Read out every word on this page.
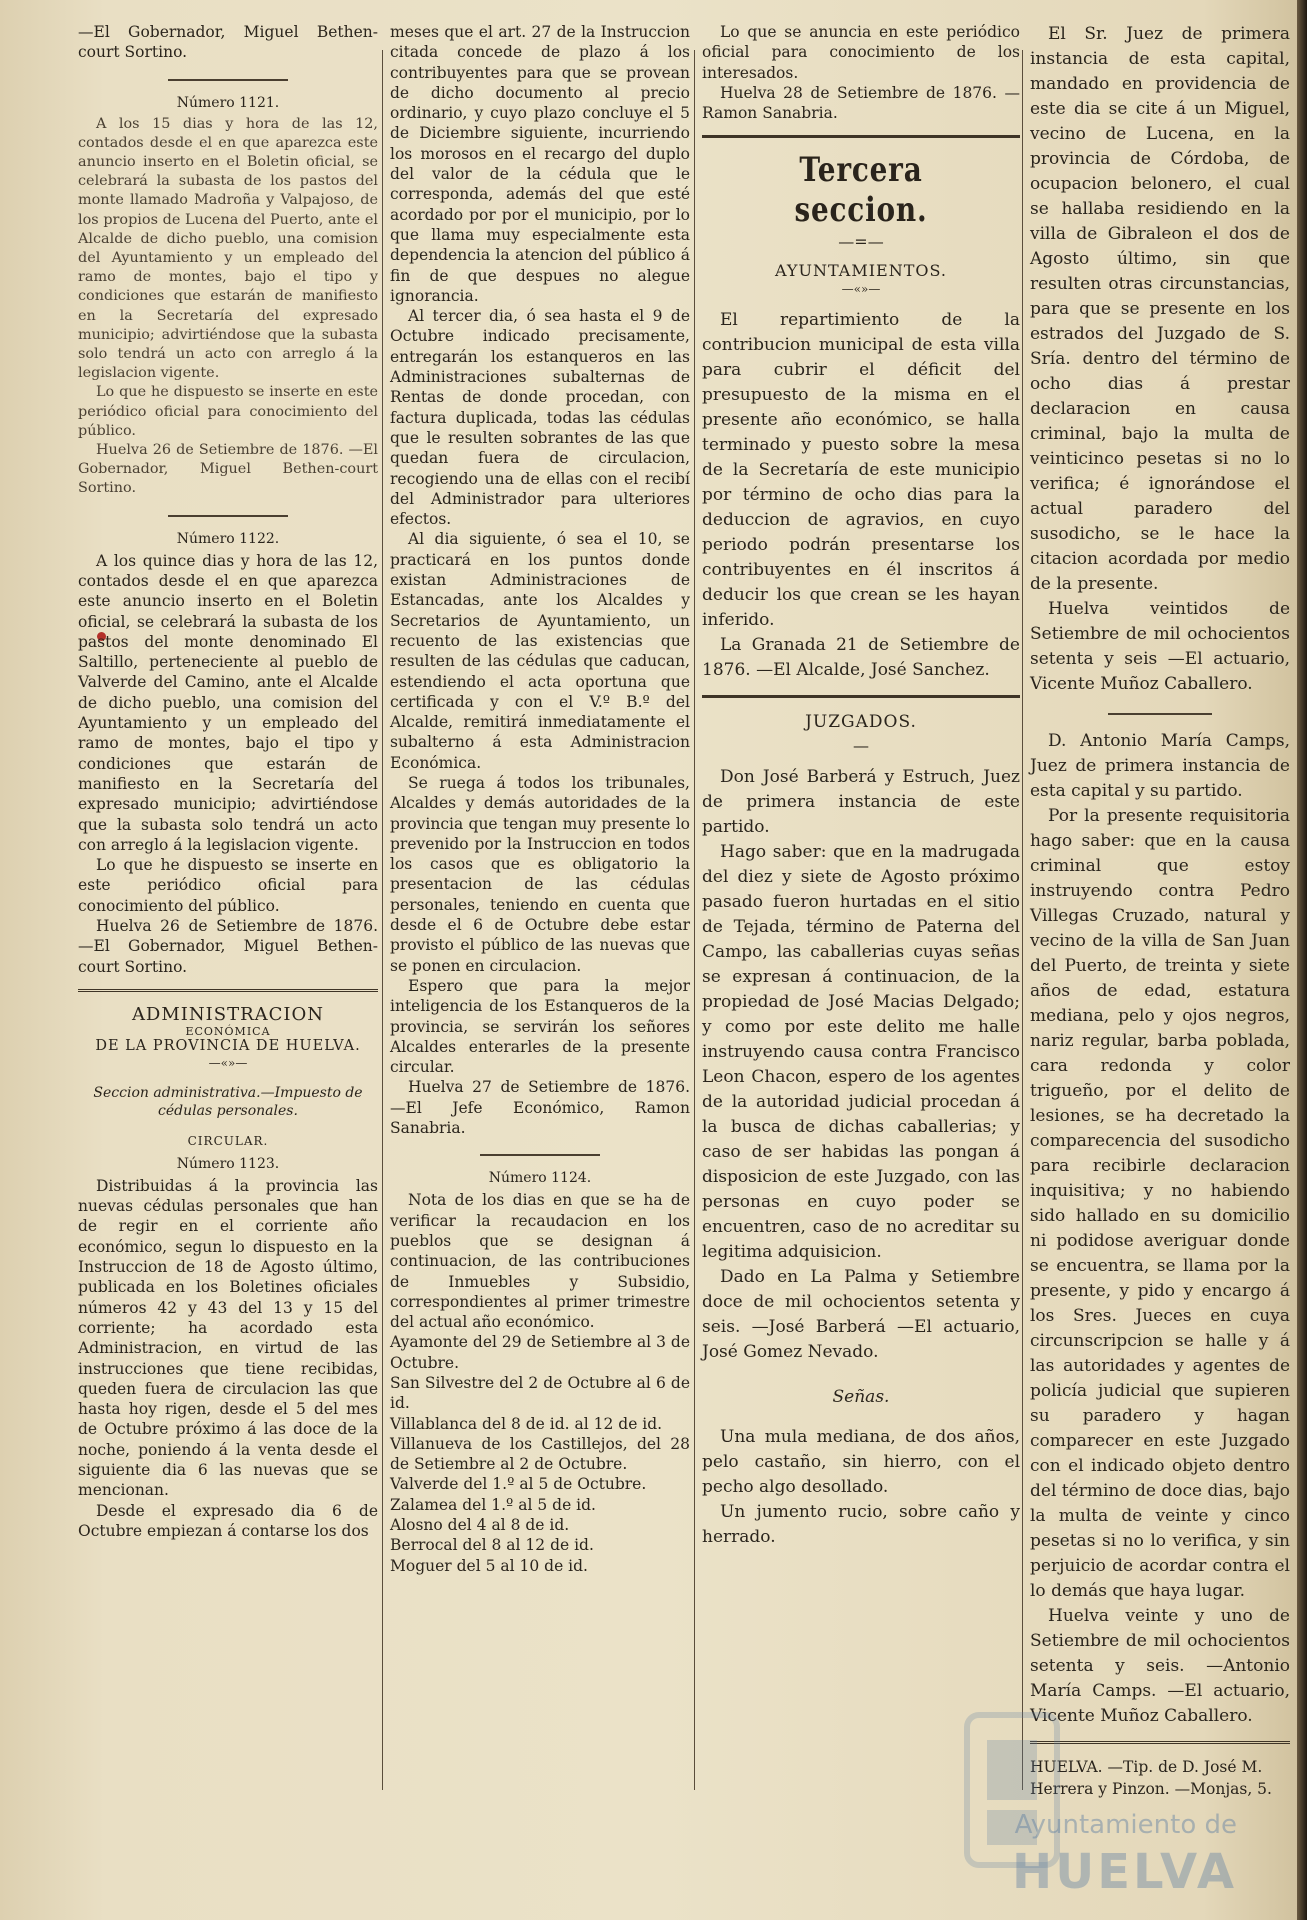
—El Gobernador, Miguel Bethen-court Sortino.

Número 1121.

A los 15 dias y hora de las 12, contados desde el en que aparezca este anuncio inserto en el Boletin oficial, se celebrará la subasta de los pastos del monte llamado Madroña y Valpajoso, de los propios de Lucena del Puerto, ante el Alcalde de dicho pueblo, una comision del Ayuntamiento y un empleado del ramo de montes, bajo el tipo y condiciones que estarán de manifiesto en la Secretaría del expresado municipio; advirtiéndose que la subasta solo tendrá un acto con arreglo á la legislacion vigente.

Lo que he dispuesto se inserte en este periódico oficial para conocimiento del público.

Huelva 26 de Setiembre de 1876. —El Gobernador, Miguel Bethen-court Sortino.

Número 1122.

A los quince dias y hora de las 12, contados desde el en que aparezca este anuncio inserto en el Boletin oficial, se celebrará la subasta de los pastos del monte denominado El Saltillo, perteneciente al pueblo de Valverde del Camino, ante el Alcalde de dicho pueblo, una comision del Ayuntamiento y un empleado del ramo de montes, bajo el tipo y condiciones que estarán de manifiesto en la Secretaría del expresado municipio; advirtiéndose que la subasta solo tendrá un acto con arreglo á la legislacion vigente.

Lo que he dispuesto se inserte en este periódico oficial para conocimiento del público.

Huelva 26 de Setiembre de 1876. —El Gobernador, Miguel Bethen-court Sortino.

ADMINISTRACION

ECONÓMICA

DE LA PROVINCIA DE HUELVA.

—«»—

Seccion administrativa.—Impuesto de cédulas personales.

CIRCULAR.

Número 1123.

Distribuidas á la provincia las nuevas cédulas personales que han de regir en el corriente año económico, segun lo dispuesto en la Instruccion de 18 de Agosto último, publicada en los Boletines oficiales números 42 y 43 del 13 y 15 del corriente; ha acordado esta Administracion, en virtud de las instrucciones que tiene recibidas, queden fuera de circulacion las que hasta hoy rigen, desde el 5 del mes de Octubre próximo á las doce de la noche, poniendo á la venta desde el siguiente dia 6 las nuevas que se mencionan.

Desde el expresado dia 6 de Octubre empiezan á contarse los dos

meses que el art. 27 de la Instruccion citada concede de plazo á los contribuyentes para que se provean de dicho documento al precio ordinario, y cuyo plazo concluye el 5 de Diciembre siguiente, incurriendo los morosos en el recargo del duplo del valor de la cédula que le corresponda, además del que esté acordado por por el municipio, por lo que llama muy especialmente esta dependencia la atencion del público á fin de que despues no alegue ignorancia.

Al tercer dia, ó sea hasta el 9 de Octubre indicado precisamente, entregarán los estanqueros en las Administraciones subalternas de Rentas de donde procedan, con factura duplicada, todas las cédulas que le resulten sobrantes de las que quedan fuera de circulacion, recogiendo una de ellas con el recibí del Administrador para ulteriores efectos.

Al dia siguiente, ó sea el 10, se practicará en los puntos donde existan Administraciones de Estancadas, ante los Alcaldes y Secretarios de Ayuntamiento, un recuento de las existencias que resulten de las cédulas que caducan, estendiendo el acta oportuna que certificada y con el V.º B.º del Alcalde, remitirá inmediatamente el subalterno á esta Administracion Económica.

Se ruega á todos los tribunales, Alcaldes y demás autoridades de la provincia que tengan muy presente lo prevenido por la Instruccion en todos los casos que es obligatorio la presentacion de las cédulas personales, teniendo en cuenta que desde el 6 de Octubre debe estar provisto el público de las nuevas que se ponen en circulacion.

Espero que para la mejor inteligencia de los Estanqueros de la provincia, se servirán los señores Alcaldes enterarles de la presente circular.

Huelva 27 de Setiembre de 1876. —El Jefe Económico, Ramon Sanabria.

Número 1124.

Nota de los dias en que se ha de verificar la recaudacion en los pueblos que se designan á continuacion, de las contribuciones de Inmuebles y Subsidio, correspondientes al primer trimestre del actual año económico.

Ayamonte del 29 de Setiembre al 3 de Octubre.

San Silvestre del 2 de Octubre al 6 de id.

Villablanca del 8 de id. al 12 de id.

Villanueva de los Castillejos, del 28 de Setiembre al 2 de Octubre.

Valverde del 1.º al 5 de Octubre.

Zalamea del 1.º al 5 de id.

Alosno del 4 al 8 de id.

Berrocal del 8 al 12 de id.

Moguer del 5 al 10 de id.

Lo que se anuncia en este periódico oficial para conocimiento de los interesados.

Huelva 28 de Setiembre de 1876. —Ramon Sanabria.

Tercera seccion.

—=—

AYUNTAMIENTOS.

—«»—

El repartimiento de la contribucion municipal de esta villa para cubrir el déficit del presupuesto de la misma en el presente año económico, se halla terminado y puesto sobre la mesa de la Secretaría de este municipio por término de ocho dias para la deduccion de agravios, en cuyo periodo podrán presentarse los contribuyentes en él inscritos á deducir los que crean se les hayan inferido.

La Granada 21 de Setiembre de 1876. —El Alcalde, José Sanchez.

JUZGADOS.

—

Don José Barberá y Estruch, Juez de primera instancia de este partido.

Hago saber: que en la madrugada del diez y siete de Agosto próximo pasado fueron hurtadas en el sitio de Tejada, término de Paterna del Campo, las caballerias cuyas señas se expresan á continuacion, de la propiedad de José Macias Delgado; y como por este delito me halle instruyendo causa contra Francisco Leon Chacon, espero de los agentes de la autoridad judicial procedan á la busca de dichas caballerias; y caso de ser habidas las pongan á disposicion de este Juzgado, con las personas en cuyo poder se encuentren, caso de no acreditar su legitima adquisicion.

Dado en La Palma y Setiembre doce de mil ochocientos setenta y seis. —José Barberá —El actuario, José Gomez Nevado.

Señas.

Una mula mediana, de dos años, pelo castaño, sin hierro, con el pecho algo desollado.

Un jumento rucio, sobre caño y herrado.

El Sr. Juez de primera instancia de esta capital, mandado en providencia de este dia se cite á un Miguel, vecino de Lucena, en la provincia de Córdoba, de ocupacion belonero, el cual se hallaba residiendo en la villa de Gibraleon el dos de Agosto último, sin que resulten otras circunstancias, para que se presente en los estrados del Juzgado de S. Sría. dentro del término de ocho dias á prestar declaracion en causa criminal, bajo la multa de veinticinco pesetas si no lo verifica; é ignorándose el actual paradero del susodicho, se le hace la citacion acordada por medio de la presente.

Huelva veintidos de Setiembre de mil ochocientos setenta y seis —El actuario, Vicente Muñoz Caballero.

D. Antonio María Camps, Juez de primera instancia de esta capital y su partido.

Por la presente requisitoria hago saber: que en la causa criminal que estoy instruyendo contra Pedro Villegas Cruzado, natural y vecino de la villa de San Juan del Puerto, de treinta y siete años de edad, estatura mediana, pelo y ojos negros, nariz regular, barba poblada, cara redonda y color trigueño, por el delito de lesiones, se ha decretado la comparecencia del susodicho para recibirle declaracion inquisitiva; y no habiendo sido hallado en su domicilio ni podidose averiguar donde se encuentra, se llama por la presente, y pido y encargo á los Sres. Jueces en cuya circunscripcion se halle y á las autoridades y agentes de policía judicial que supieren su paradero y hagan comparecer en este Juzgado con el indicado objeto dentro del término de doce dias, bajo la multa de veinte y cinco pesetas si no lo verifica, y sin perjuicio de acordar contra el lo demás que haya lugar.

Huelva veinte y uno de Setiembre de mil ochocientos setenta y seis. —Antonio María Camps. —El actuario, Vicente Muñoz Caballero.

HUELVA. —Tip. de D. José M. Herrera y Pinzon. —Monjas, 5.

Ayuntamiento de
HUELVA
